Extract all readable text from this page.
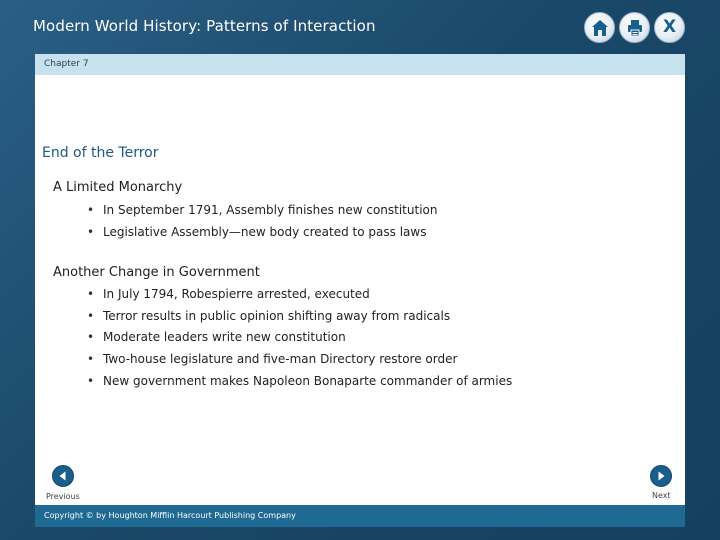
Modern World History: Patterns of Interaction	X
Chapter 7
End of the Terror
A Limited Monarchy
• In September 1791, Assembly finishes new constitution
• Legislative Assembly—new body created to pass laws
Another Change in Government
• In July 1794, Robespierre arrested, executed
• Terror results in public opinion shifting away from radicals
• Moderate leaders write new constitution
• Two-house legislature and five-man Directory restore order
• New government makes Napoleon Bonaparte commander of armies
Previous	Next
Copyright © by Houghton Mifflin Harcourt Publishing Company
